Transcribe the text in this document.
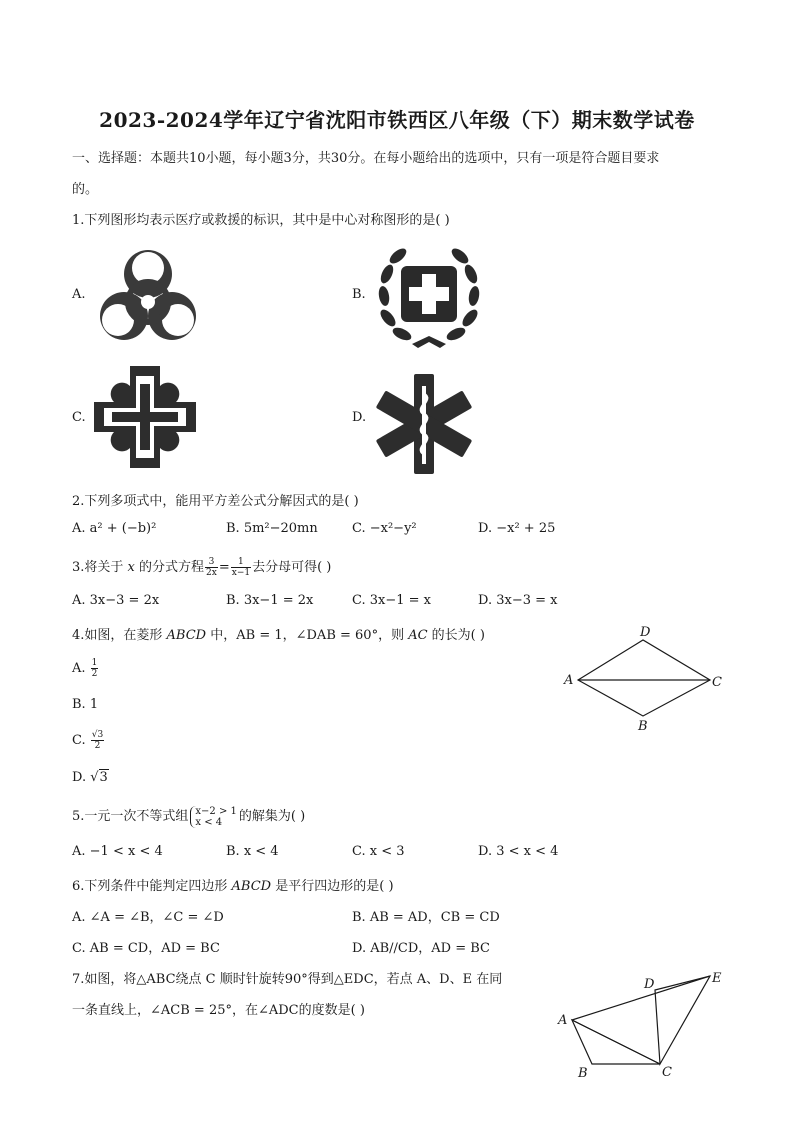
2023-2024学年辽宁省沈阳市铁西区八年级（下）期末数学试卷
一、选择题：本题共10小题，每小题3分，共30分。在每小题给出的选项中，只有一项是符合题目要求
的。
1.下列图形均表示医疗或救援的标识，其中是中心对称图形的是( )
A.	B.
C.	D.
2.下列多项式中，能用平方差公式分解因式的是( )
A. a² + (−b)²	B. 5m²−20mn	C. −x²−y²	D. −x² + 25
3.将关于 x 的分式方程 $\frac{3}{2x} = \frac{1}{x-1}$ 去分母可得( )
A. 3x−3 = 2x	B. 3x−1 = 2x	C. 3x−1 = x	D. 3x−3 = x
4.如图，在菱形 ABCD 中，AB = 1，∠DAB = 60°，则 AC 的长为( )
A. $\frac{1}{2}$
B. 1
C. $\frac{√3}{2}$
D. √3
D
A	C
B
5.一元一次不等式组 x−2 > 1
x < 4	的解集为( )
A. −1 < x < 4	B. x < 4	C. x < 3	D. 3 < x < 4
6.下列条件中能判定四边形 ABCD 是平行四边形的是( )
A. ∠A = ∠B，∠C = ∠D	B. AB = AD，CB = CD
C. AB = CD，AD = BC	D. AB//CD，AD = BC
7.如图，将△ABC绕点 C 顺时针旋转90°得到△EDC，若点 A、D、E 在同
一条直线上，∠ACB = 25°，在∠ADC的度数是( )
A
B	C
D	E
